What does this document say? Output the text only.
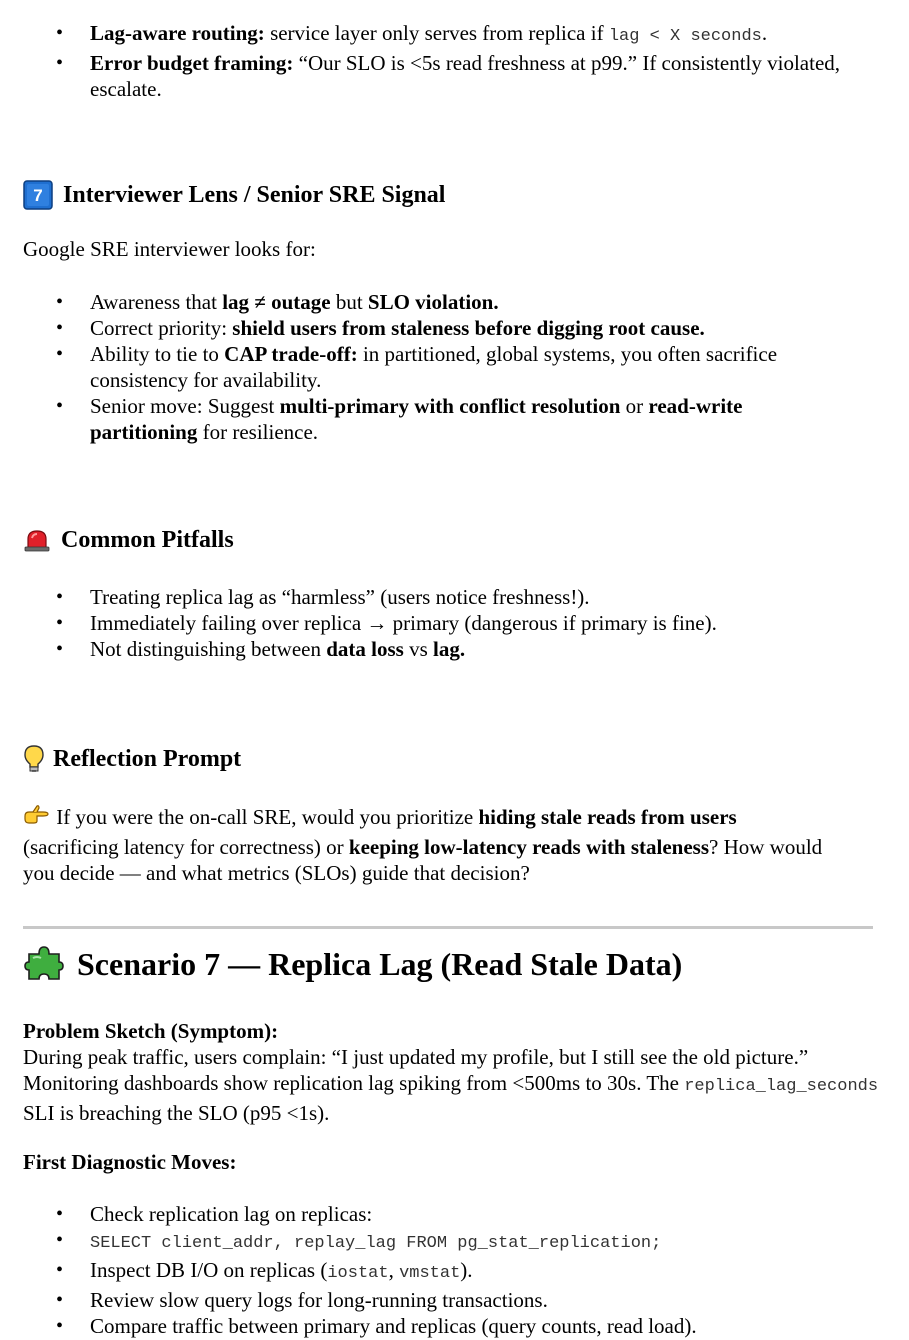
• Lag-aware routing: service layer only serves from replica if lag < X seconds.
• Error budget framing: “Our SLO is <5s read freshness at p99.” If consistently violated, escalate.
7 Interviewer Lens / Senior SRE Signal
Google SRE interviewer looks for:
• Awareness that lag ≠ outage but SLO violation.
• Correct priority: shield users from staleness before digging root cause.
• Ability to tie to CAP trade-off: in partitioned, global systems, you often sacrifice consistency for availability.
• Senior move: Suggest multi-primary with conflict resolution or read-write partitioning for resilience.
Common Pitfalls
• Treating replica lag as “harmless” (users notice freshness!).
• Immediately failing over replica → primary (dangerous if primary is fine).
• Not distinguishing between data loss vs lag.
Reflection Prompt
If you were the on-call SRE, would you prioritize hiding stale reads from users (sacrificing latency for correctness) or keeping low-latency reads with staleness? How would you decide — and what metrics (SLOs) guide that decision?
Scenario 7 — Replica Lag (Read Stale Data)
Problem Sketch (Symptom):
During peak traffic, users complain: “I just updated my profile, but I still see the old picture.” Monitoring dashboards show replication lag spiking from <500ms to 30s. The replica_lag_seconds SLI is breaching the SLO (p95 <1s).
First Diagnostic Moves:
• Check replication lag on replicas:
• SELECT client_addr, replay_lag FROM pg_stat_replication;
• Inspect DB I/O on replicas (iostat, vmstat).
• Review slow query logs for long-running transactions.
• Compare traffic between primary and replicas (query counts, read load).
